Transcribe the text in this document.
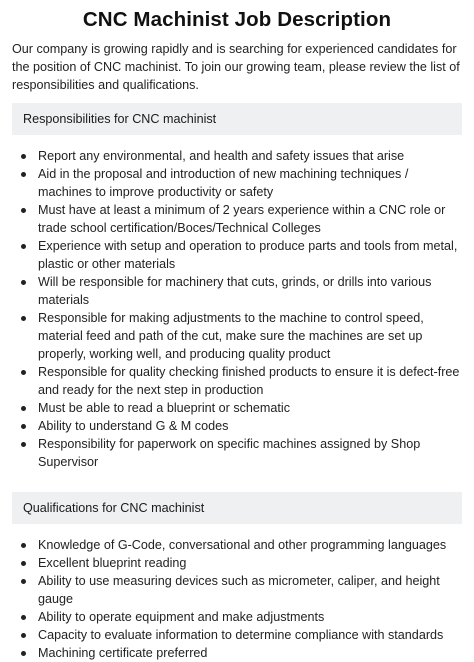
CNC Machinist Job Description

Our company is growing rapidly and is searching for experienced candidates for the position of CNC machinist. To join our growing team, please review the list of responsibilities and qualifications.

Responsibilities for CNC machinist
Report any environmental, and health and safety issues that arise
Aid in the proposal and introduction of new machining techniques / machines to improve productivity or safety
Must have at least a minimum of 2 years experience within a CNC role or trade school certification/Boces/Technical Colleges
Experience with setup and operation to produce parts and tools from metal, plastic or other materials
Will be responsible for machinery that cuts, grinds, or drills into various materials
Responsible for making adjustments to the machine to control speed, material feed and path of the cut, make sure the machines are set up properly, working well, and producing quality product
Responsible for quality checking finished products to ensure it is defect-free and ready for the next step in production
Must be able to read a blueprint or schematic
Ability to understand G & M codes
Responsibility for paperwork on specific machines assigned by Shop Supervisor
Qualifications for CNC machinist
Knowledge of G-Code, conversational and other programming languages
Excellent blueprint reading
Ability to use measuring devices such as micrometer, caliper, and height gauge
Ability to operate equipment and make adjustments
Capacity to evaluate information to determine compliance with standards
Machining certificate preferred
